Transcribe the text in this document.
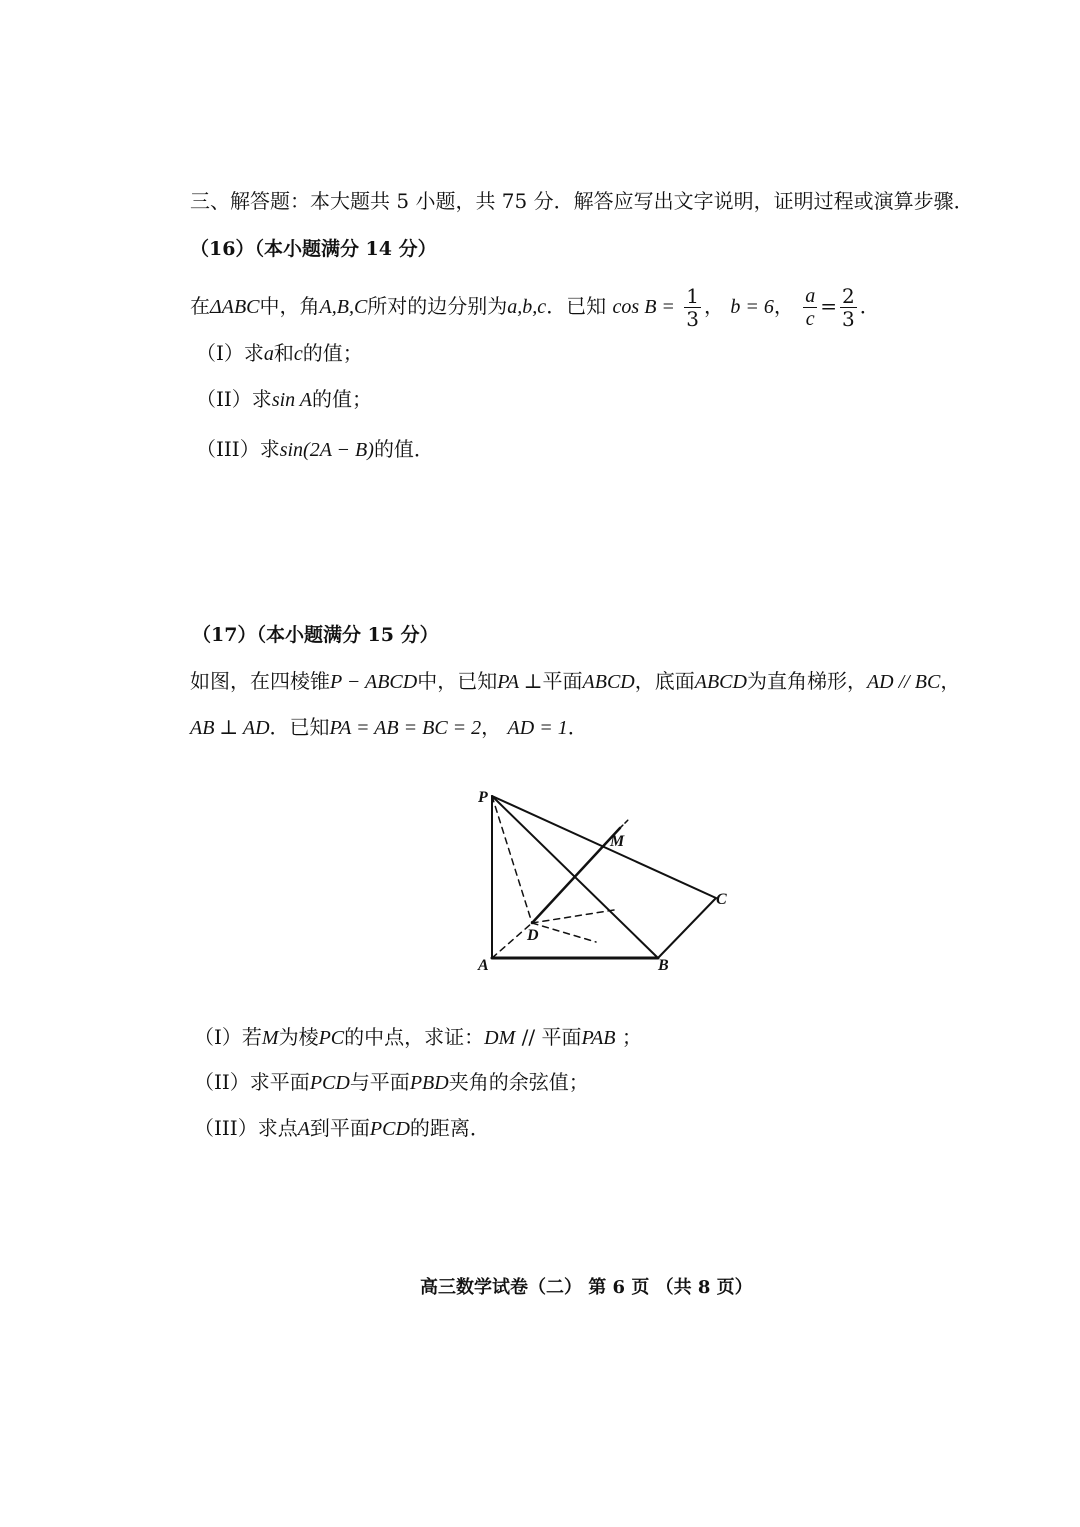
三、解答题：本大题共 5 小题，共 75 分．解答应写出文字说明，证明过程或演算步骤．
（16）（本小题满分 14 分）
在ΔABC中，角A,B,C所对的边分别为a,b,c．已知 $\cos B = \frac{1}{3}$ ， b = 6， $\frac{a}{c} = \frac{2}{3}$ ．
（I）求a和c的值；
（II）求sin A的值；
（III）求sin(2A − B)的值．
（17）（本小题满分 15 分）
如图，在四棱锥P − ABCD中，已知PA ⊥平面ABCD，底面ABCD为直角梯形，AD // BC，
AB ⊥ AD．已知PA = AB = BC = 2， AD = 1．
P
M
C
D
A	B
（I）若M为棱PC的中点，求证：DM // 平面PAB ；
（II）求平面PCD与平面PBD夹角的余弦值；
（III）求点A到平面PCD的距离．
高三数学试卷（二） 第 6 页 （共 8 页）
